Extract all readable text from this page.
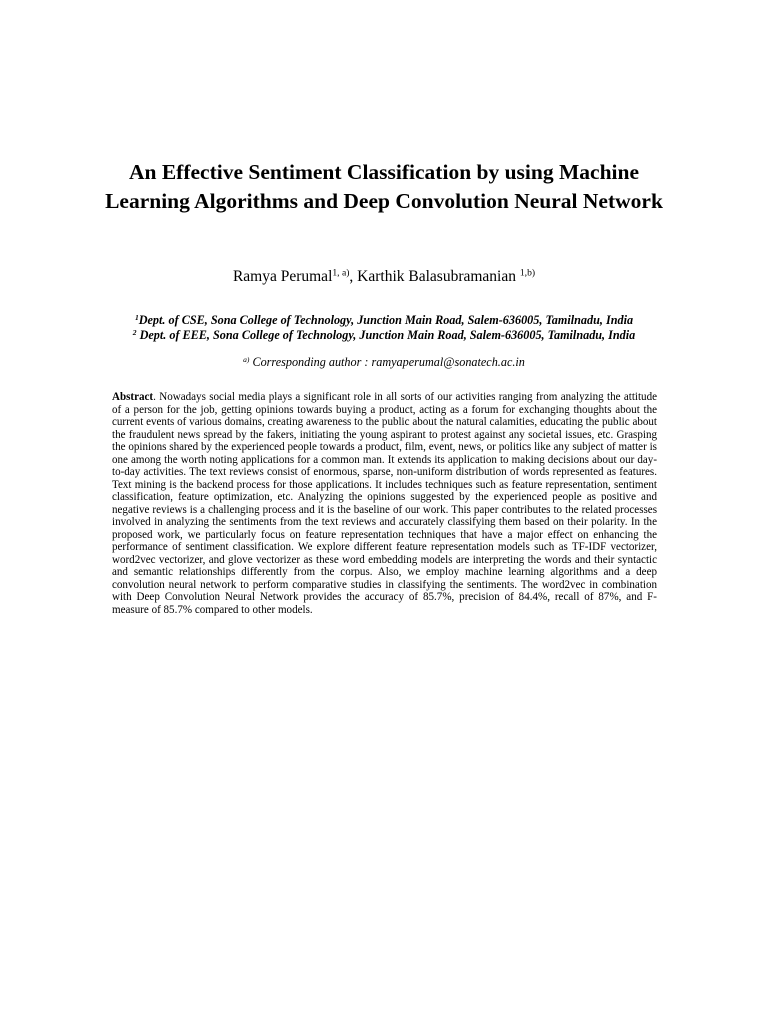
An Effective Sentiment Classification by using Machine Learning Algorithms and Deep Convolution Neural Network
Ramya Perumal$^{1, a)}$, Karthik Balasubramanian $^{1,b)}$
$^1$Dept. of CSE, Sona College of Technology, Junction Main Road, Salem-636005, Tamilnadu, India
$^2$ Dept. of EEE, Sona College of Technology, Junction Main Road, Salem-636005, Tamilnadu, India
$^{a)}$ Corresponding author : ramyaperumal@sonatech.ac.in

Abstract. Nowadays social media plays a significant role in all sorts of our activities ranging from analyzing the attitude of a person for the job, getting opinions towards buying a product, acting as a forum for exchanging thoughts about the current events of various domains, creating awareness to the public about the natural calamities, educating the public about the fraudulent news spread by the fakers, initiating the young aspirant to protest against any societal issues, etc. Grasping the opinions shared by the experienced people towards a product, film, event, news, or politics like any subject of matter is one among the worth noting applications for a common man. It extends its application to making decisions about our day-to-day activities. The text reviews consist of enormous, sparse, non-uniform distribution of words represented as features. Text mining is the backend process for those applications. It includes techniques such as feature representation, sentiment classification, feature optimization, etc. Analyzing the opinions suggested by the experienced people as positive and negative reviews is a challenging process and it is the baseline of our work. This paper contributes to the related processes involved in analyzing the sentiments from the text reviews and accurately classifying them based on their polarity. In the proposed work, we particularly focus on feature representation techniques that have a major effect on enhancing the performance of sentiment classification. We explore different feature representation models such as TF-IDF vectorizer, word2vec vectorizer, and glove vectorizer as these word embedding models are interpreting the words and their syntactic and semantic relationships differently from the corpus. Also, we employ machine learning algorithms and a deep convolution neural network to perform comparative studies in classifying the sentiments. The word2vec in combination with Deep Convolution Neural Network provides the accuracy of 85.7%, precision of 84.4%, recall of 87%, and F-measure of 85.7% compared to other models.
